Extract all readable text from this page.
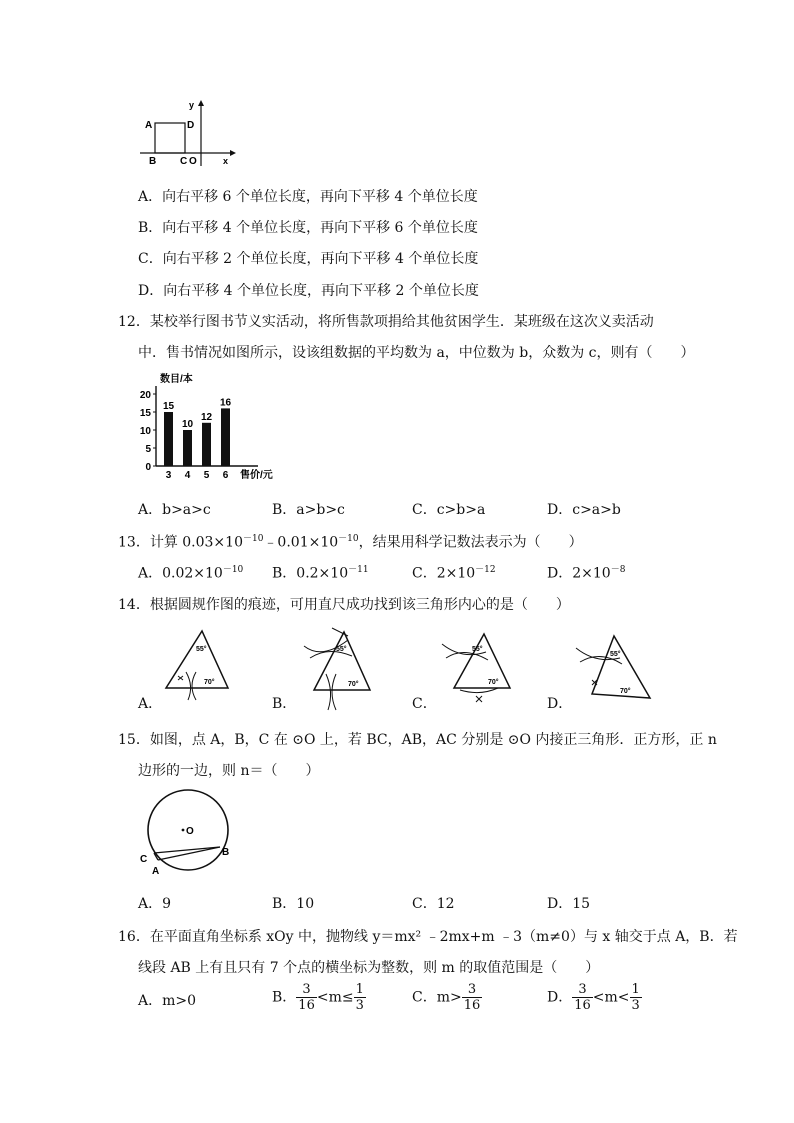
A	D
B C O	x
y
A．向右平移 6 个单位长度，再向下平移 4 个单位长度
B．向右平移 4 个单位长度，再向下平移 6 个单位长度
C．向右平移 2 个单位长度，再向下平移 4 个单位长度
D．向右平移 4 个单位长度，再向下平移 2 个单位长度
12．某校举行图书节义实活动，将所售款项捐给其他贫困学生．某班级在这次义卖活动
中．售书情况如图所示，设该组数据的平均数为 a，中位数为 b，众数为 c，则有（　　）
0
5
10
15
20
数目/本
售价/元
15
3
10
4
12
5
16
6
A．b>a>c	B．a>b>c	C．c>b>a	D．c>a>b
13．计算 $0.03\times 10^{-10}﹣0.01\times 10^{-10}$，结果用科学记数法表示为（　　）
A．$0.02\times 10^{-10}$ B．$0.2\times 10^{-11}$	C．$2\times 10^{-12}$	D．$2\times 10^{-8}$
14．根据圆规作图的痕迹，可用直尺成功找到该三角形内心的是（　　）
A．
55°
70°
B．
55°
70°
C．
55°
70°
D．
55°
70°
15．如图，点 A，B，C 在 ⊙O 上，若 BC，AB，AC 分别是 ⊙O 内接正三角形．正方形，正 n
边形的一边，则 n＝（　　）
O
C
A
B
A．9	B．10	C．12	D．15
16．在平面直角坐标系 xOy 中，抛物线 y＝mx² ﹣2mx+m ﹣3（m≠0）与 x 轴交于点 A，B．若
线段 AB 上有且只有 7 个点的横坐标为整数，则 m 的取值范围是（　　）
A．m>0	B． $\frac{3}{16} <m\le \frac{1}{3}$	C．$m> \frac{3}{16}$	D． $\frac{3}{16} <m< \frac{1}{3}$
